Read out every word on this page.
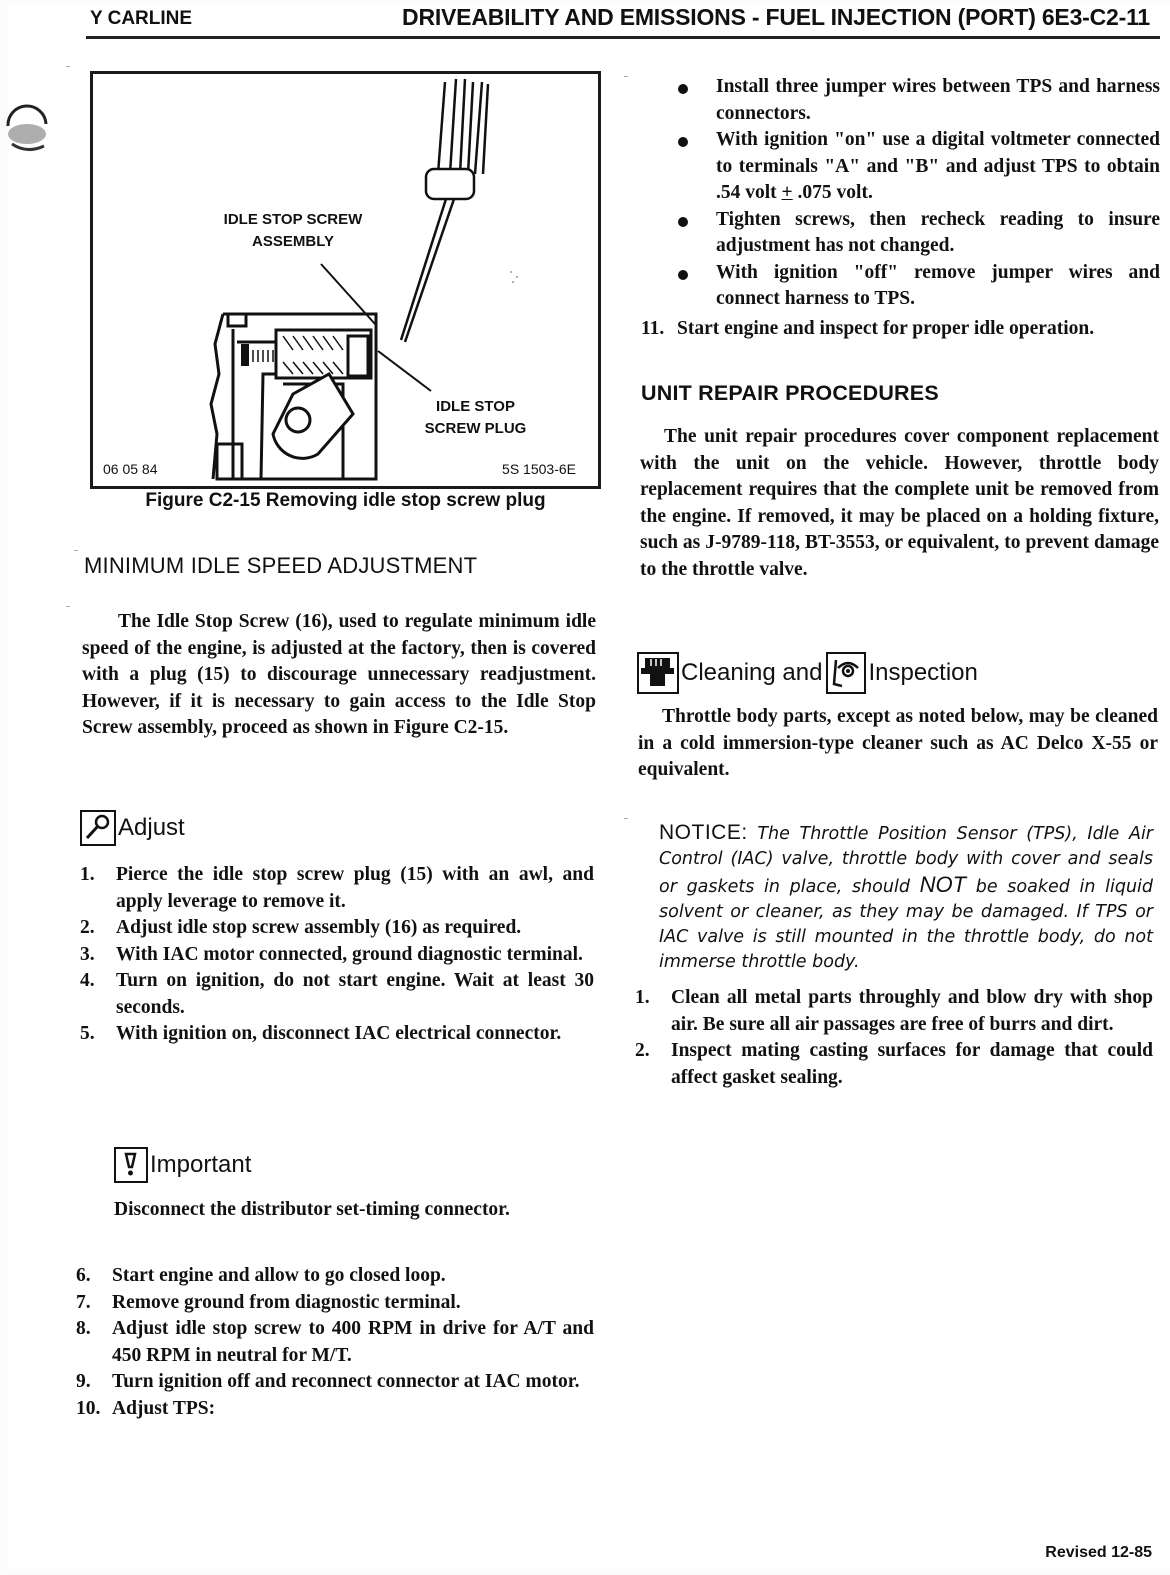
Y CARLINE	DRIVEABILITY AND EMISSIONS - FUEL INJECTION (PORT) 6E3-C2-11
IDLE STOP SCREW
ASSEMBLY
IDLE STOP
SCREW PLUG
06 05 84	5S 1503-6E
Figure C2-15 Removing idle stop screw plug
MINIMUM IDLE SPEED ADJUSTMENT
The Idle Stop Screw (16), used to regulate minimum idle speed of the engine, is adjusted at the factory, then is covered with a plug (15) to discourage unnecessary readjustment. However, if it is necessary to gain access to the Idle Stop Screw assembly, proceed as shown in Figure C2-15.
Adjust
1. Pierce the idle stop screw plug (15) with an awl, and apply leverage to remove it.
2. Adjust idle stop screw assembly (16) as required.
3. With IAC motor connected, ground diagnostic terminal.
4. Turn on ignition, do not start engine. Wait at least 30 seconds.
5. With ignition on, disconnect IAC electrical connector.
Important
Disconnect the distributor set-timing connector.
6. Start engine and allow to go closed loop.
7. Remove ground from diagnostic terminal.
8. Adjust idle stop screw to 400 RPM in drive for A/T and 450 RPM in neutral for M/T.
9. Turn ignition off and reconnect connector at IAC motor.
10. Adjust TPS:
Install three jumper wires between TPS and harness connectors.
With ignition "on" use a digital voltmeter connected to terminals "A" and "B" and adjust TPS to obtain .54 volt + .075 volt.
Tighten screws, then recheck reading to insure adjustment has not changed.
With ignition "off" remove jumper wires and connect harness to TPS.
11. Start engine and inspect for proper idle operation.
UNIT REPAIR PROCEDURES
The unit repair procedures cover component replacement with the unit on the vehicle. However, throttle body replacement requires that the complete unit be removed from the engine. If removed, it may be placed on a holding fixture, such as J-9789-118, BT-3553, or equivalent, to prevent damage to the throttle valve.
Cleaning and Inspection
Throttle body parts, except as noted below, may be cleaned in a cold immersion-type cleaner such as AC Delco X-55 or equivalent.
NOTICE: The Throttle Position Sensor (TPS), Idle Air Control (IAC) valve, throttle body with cover and seals or gaskets in place, should NOT be soaked in liquid solvent or cleaner, as they may be damaged. If TPS or IAC valve is still mounted in the throttle body, do not immerse throttle body.
1. Clean all metal parts throughly and blow dry with shop air. Be sure all air passages are free of burrs and dirt.
2. Inspect mating casting surfaces for damage that could affect gasket sealing.
Revised 12-85
